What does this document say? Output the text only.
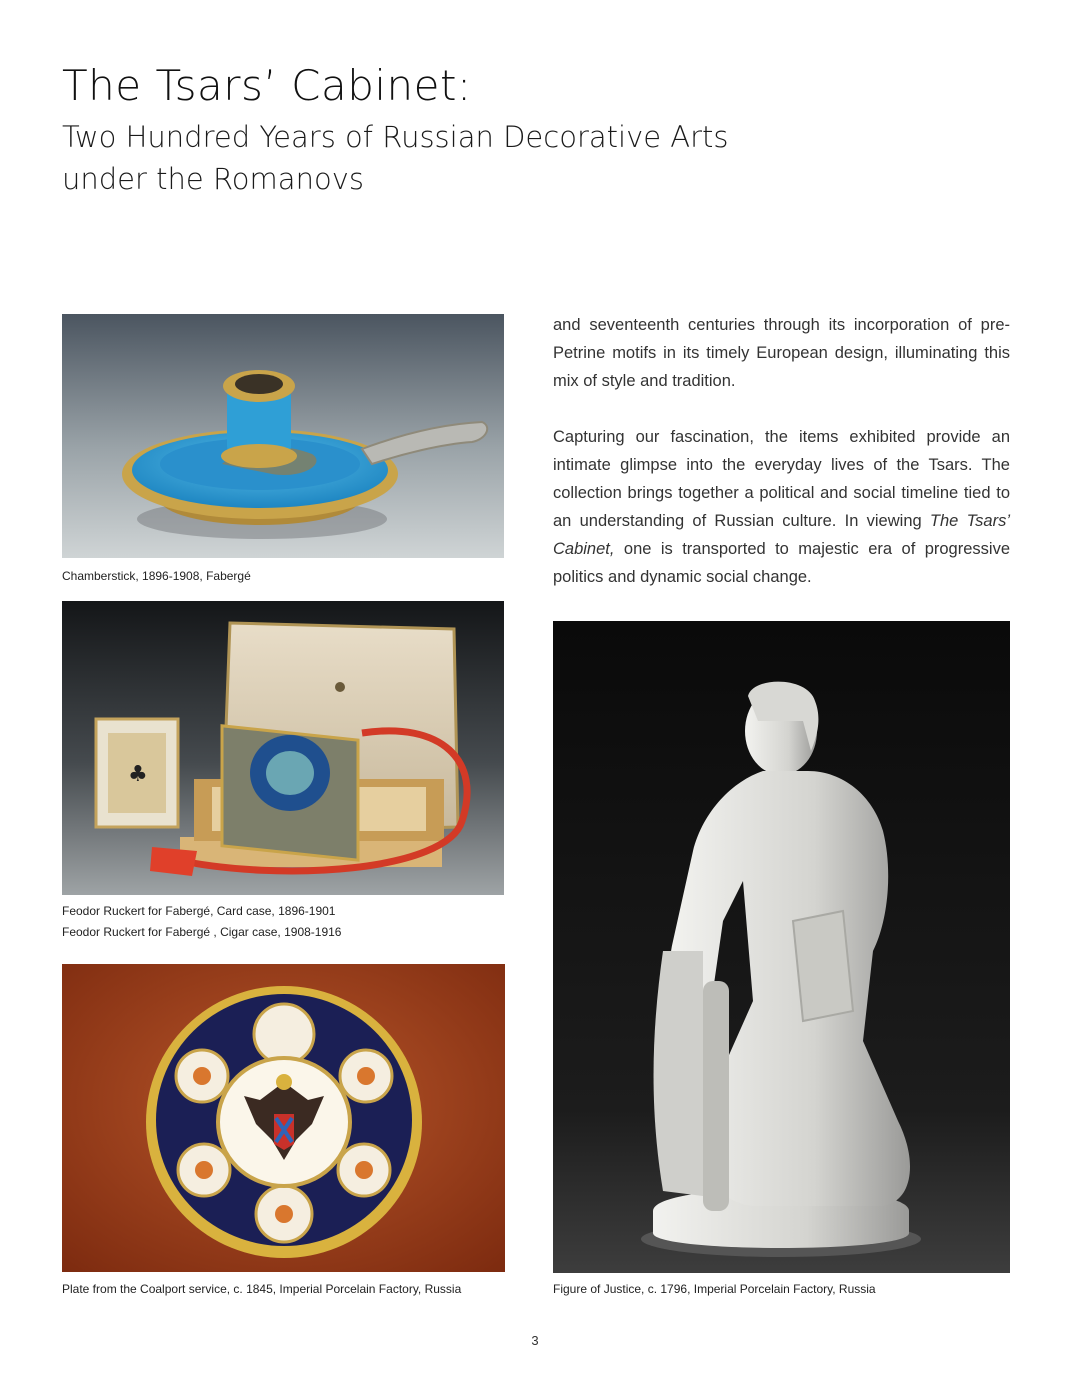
The Tsars’ Cabinet:
Two Hundred Years of Russian Decorative Arts
under the Romanovs
Chamberstick, 1896-1908, Fabergé
♣
Feodor Ruckert for Fabergé, Card case, 1896-1901
Feodor Ruckert for Fabergé , Cigar case, 1908-1916
Plate from the Coalport service, c. 1845, Imperial Porcelain Factory, Russia

and seventeenth centuries through its incorporation of pre-Petrine motifs in its timely European design, illuminating this mix of style and tradition.

Capturing our fascination, the items exhibited provide an intimate glimpse into the everyday lives of the Tsars. The collection brings together a political and social timeline tied to an understanding of Russian culture. In viewing The Tsars’ Cabinet, one is transported to majestic era of progressive politics and dynamic social change.

Figure of Justice, c. 1796, Imperial Porcelain Factory, Russia
3
